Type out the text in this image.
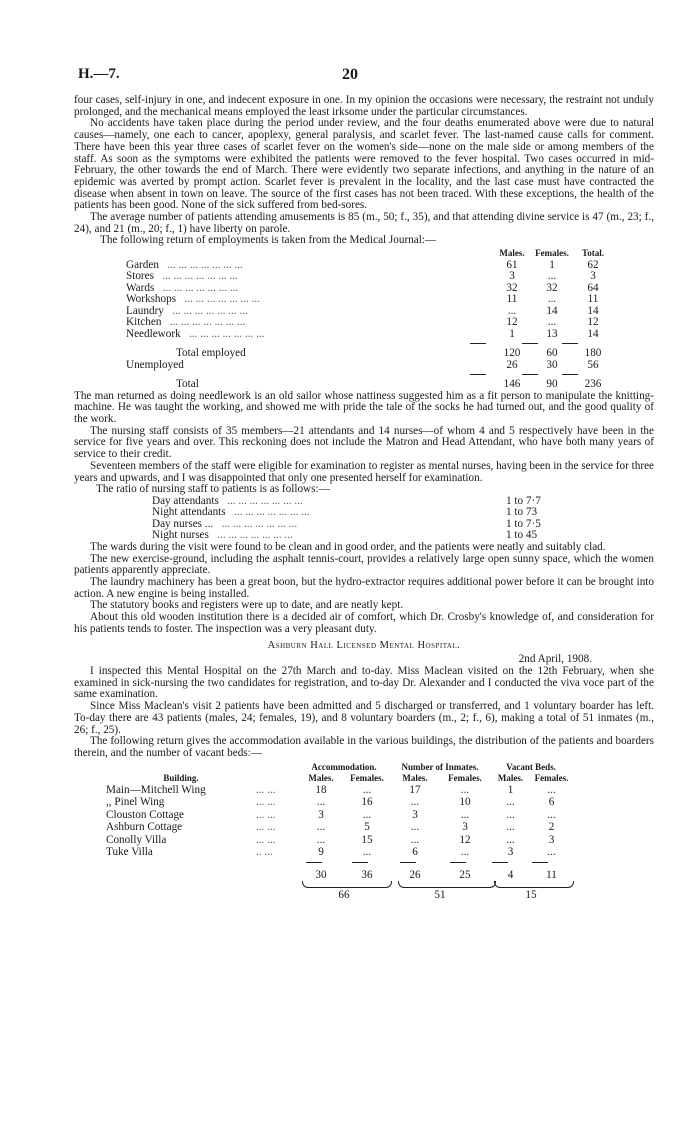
H.—7.	20

four cases, self-injury in one, and indecent exposure in one. In my opinion the occasions were necessary, the restraint not unduly prolonged, and the mechanical means employed the least irksome under the particular circumstances.

No accidents have taken place during the period under review, and the four deaths enumerated above were due to natural causes—namely, one each to cancer, apoplexy, general paralysis, and scarlet fever. The last-named cause calls for comment. There have been this year three cases of scarlet fever on the women's side—none on the male side or among members of the staff. As soon as the symptoms were exhibited the patients were removed to the fever hospital. Two cases occurred in mid-February, the other towards the end of March. There were evidently two separate infections, and anything in the nature of an epidemic was averted by prompt action. Scarlet fever is prevalent in the locality, and the last case must have contracted the disease when absent in town on leave. The source of the first cases has not been traced. With these exceptions, the health of the patients has been good. None of the sick suffered from bed-sores.

The average number of patients attending amusements is 85 (m., 50; f., 35), and that attending divine service is 47 (m., 23; f., 24), and 21 (m., 20; f., 1) have liberty on parole.

The following return of employments is taken from the Medical Journal:—

Males.	Females.	Total.
Garden   ... ... ... ... ... ... ...	61	1	62
Stores   ... ... ... ... ... ... ...	3	...	3
Wards   ... ... ... ... ... ... ...	32	32	64
Workshops   ... ... ... ... ... ... ...	11	...	11
Laundry   ... ... ... ... ... ... ...	...	14	14
Kitchen   ... ... ... ... ... ... ...	12	...	12
Needlework   ... ... ... ... ... ... ...	1	13	14
Total employed	120	60	180
Unemployed	26	30	56
Total	146	90	236

The man returned as doing needlework is an old sailor whose nattiness suggested him as a fit person to manipulate the knitting-machine. He was taught the working, and showed me with pride the tale of the socks he had turned out, and the good quality of the work.

The nursing staff consists of 35 members—21 attendants and 14 nurses—of whom 4 and 5 respectively have been in the service for five years and over. This reckoning does not include the Matron and Head Attendant, who have both many years of service to their credit.

Seventeen members of the staff were eligible for examination to register as mental nurses, having been in the service for three years and upwards, and I was disappointed that only one presented herself for examination.

The ratio of nursing staff to patients is as follows:—

Day attendants   ... ... ... ... ... ... ...	1 to 7·7
Night attendants   ... ... ... ... ... ... ...	1 to 73
Day nurses ...   ... ... ... ... ... ... ...	1 to 7·5
Night nurses   ... ... ... ... ... ... ...	1 to 45

The wards during the visit were found to be clean and in good order, and the patients were neatly and suitably clad.

The new exercise-ground, including the asphalt tennis-court, provides a relatively large open sunny space, which the women patients apparently appreciate.

The laundry machinery has been a great boon, but the hydro-extractor requires additional power before it can be brought into action. A new engine is being installed.

The statutory books and registers were up to date, and are neatly kept.

About this old wooden institution there is a decided air of comfort, which Dr. Crosby's knowledge of, and consideration for his patients tends to foster. The inspection was a very pleasant duty.

Ashburn Hall Licensed Mental Hospital.

2nd April, 1908.

I inspected this Mental Hospital on the 27th March and to-day. Miss Maclean visited on the 12th February, when she examined in sick-nursing the two candidates for registration, and to-day Dr. Alexander and I conducted the viva voce part of the same examination.

Since Miss Maclean's visit 2 patients have been admitted and 5 discharged or transferred, and 1 voluntary boarder has left. To-day there are 43 patients (males, 24; females, 19), and 8 voluntary boarders (m., 2; f., 6), making a total of 51 inmates (m., 26; f., 25).

The following return gives the accommodation available in the various buildings, the distribution of the patients and boarders therein, and the number of vacant beds:—

Accommodation.	Number of Inmates.	Vacant Beds.
Building.	Males.	Females.	Males.	Females.	Males.	Females.
Main—Mitchell Wing	... ...	18	...	17	...	1	...
,, Pinel Wing	... ...	...	16	...	10	...	6
Clouston Cottage	... ...	3	...	3	...	...	...
Ashburn Cottage	... ...	...	5	...	3	...	2
Conolly Villa	... ...	...	15	...	12	...	3
Tuke Villa	.. ...	9	...	6	...	3	...
30	36	26	25	4	11
66	51	15
